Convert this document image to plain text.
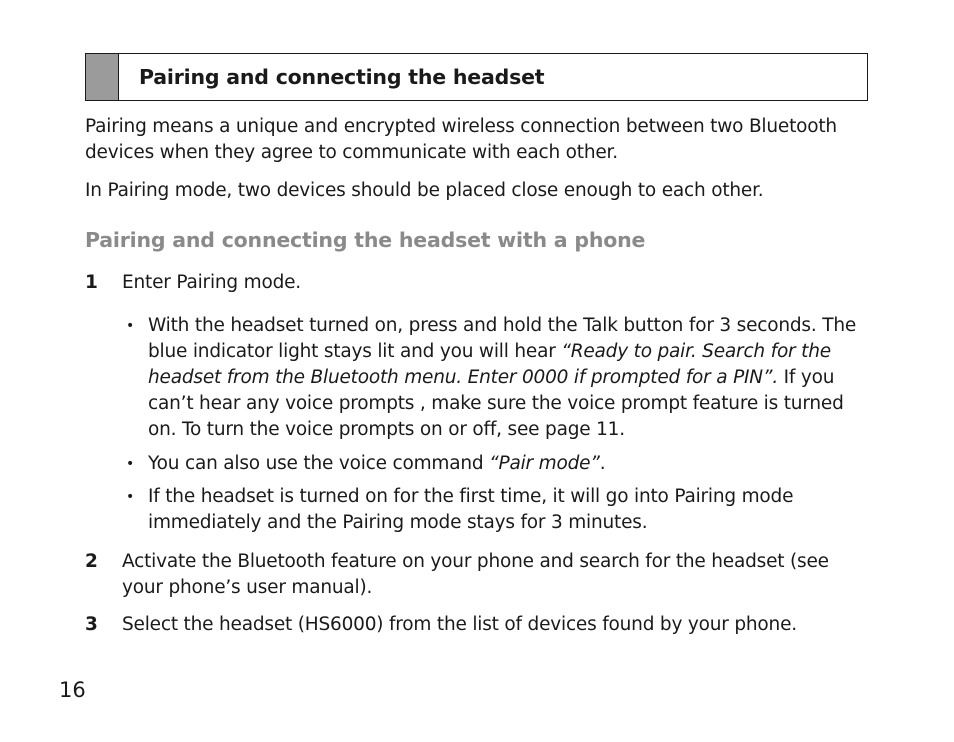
Pairing and connecting the headset
Pairing means a unique and encrypted wireless connection between two Bluetooth devices when they agree to communicate with each other.
In Pairing mode, two devices should be placed close enough to each other.
Pairing and connecting the headset with a phone
1 Enter Pairing mode.
• With the headset turned on, press and hold the Talk button for 3 seconds. The blue indicator light stays lit and you will hear “Ready to pair. Search for the headset from the Bluetooth menu. Enter 0000 if prompted for a PIN”. If you can’t hear any voice prompts , make sure the voice prompt feature is turned on. To turn the voice prompts on or off, see page 11.
• You can also use the voice command “Pair mode”.
• If the headset is turned on for the first time, it will go into Pairing mode immediately and the Pairing mode stays for 3 minutes.
2 Activate the Bluetooth feature on your phone and search for the headset (see your phone’s user manual).
3 Select the headset (HS6000) from the list of devices found by your phone.
16
